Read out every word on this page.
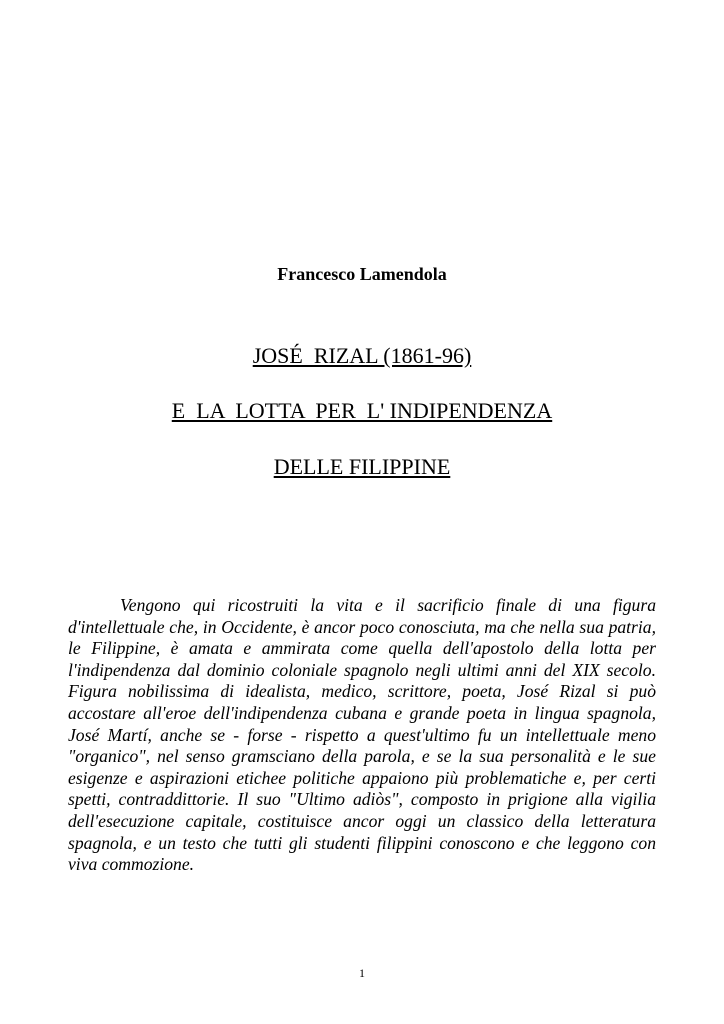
Francesco Lamendola
JOSÉ  RIZAL (1861-96)
E  LA  LOTTA  PER  L' INDIPENDENZA
DELLE FILIPPINE

Vengono qui ricostruiti la vita e il sacrificio finale di una figura d'intellettuale che, in Occidente, è ancor poco conosciuta, ma che nella sua patria, le Filippine, è amata e ammirata come quella dell'apostolo della lotta per l'indipendenza dal dominio coloniale spagnolo negli ultimi anni del XIX secolo. Figura nobilissima di idealista, medico, scrittore, poeta, José Rizal si può accostare all'eroe dell'indipendenza cubana e grande poeta in lingua spagnola, José Martí, anche se - forse - rispetto a quest'ultimo fu un intellettuale meno "organico", nel senso gramsciano della parola, e se la sua personalità e le sue esigenze e aspirazioni etichee politiche appaiono più problematiche e, per certi spetti, contraddittorie. Il suo "Ultimo adiòs", composto in prigione alla vigilia dell'esecuzione capitale, costituisce ancor oggi un classico della letteratura spagnola, e un testo che tutti gli studenti filippini conoscono e che leggono con viva commozione.

1
